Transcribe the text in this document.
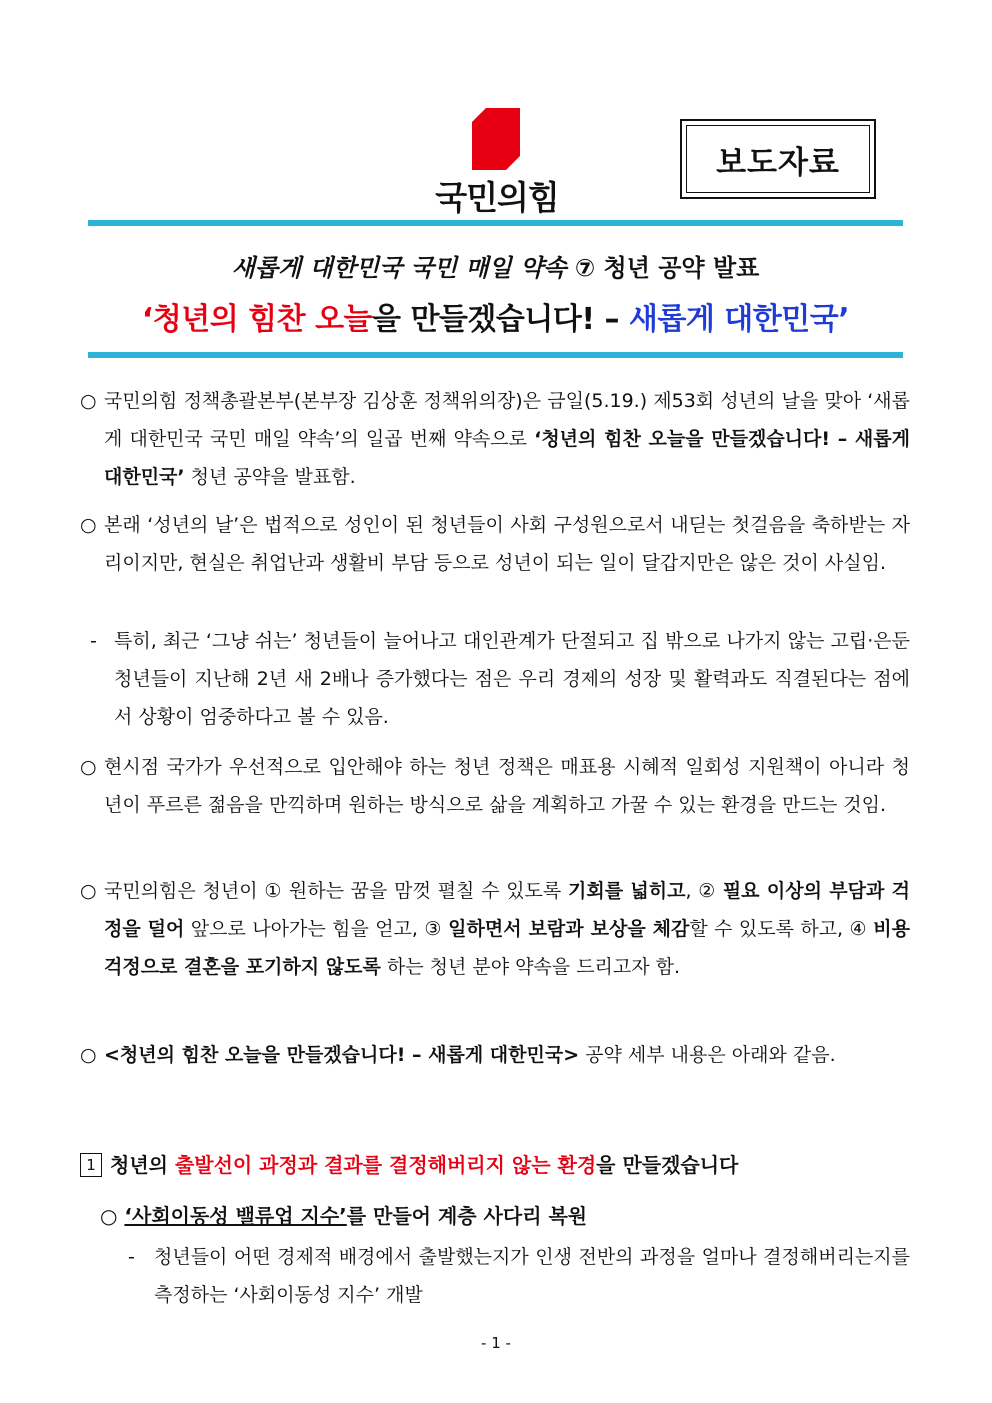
국민의힘
보도자료
새롭게 대한민국 국민 매일 약속 ⑦ 청년 공약 발표
‘청년의 힘찬 오늘을 만들겠습니다! – 새롭게 대한민국’
○ 국민의힘 정책총괄본부(본부장 김상훈 정책위의장)은 금일(5.19.) 제53회 성년의 날을 맞아 ‘새롭게 대한민국 국민 매일 약속’의 일곱 번째 약속으로 ‘청년의 힘찬 오늘을 만들겠습니다! – 새롭게 대한민국’ 청년 공약을 발표함.
○ 본래 ‘성년의 날’은 법적으로 성인이 된 청년들이 사회 구성원으로서 내딛는 첫걸음을 축하받는 자리이지만, 현실은 취업난과 생활비 부담 등으로 성년이 되는 일이 달갑지만은 않은 것이 사실임.
- 특히, 최근 ‘그냥 쉬는’ 청년들이 늘어나고 대인관계가 단절되고 집 밖으로 나가지 않는 고립·은둔 청년들이 지난해 2년 새 2배나 증가했다는 점은 우리 경제의 성장 및 활력과도 직결된다는 점에서 상황이 엄중하다고 볼 수 있음.
○ 현시점 국가가 우선적으로 입안해야 하는 청년 정책은 매표용 시혜적 일회성 지원책이 아니라 청년이 푸르른 젊음을 만끽하며 원하는 방식으로 삶을 계획하고 가꿀 수 있는 환경을 만드는 것임.
○ 국민의힘은 청년이 ① 원하는 꿈을 맘껏 펼칠 수 있도록 기회를 넓히고, ② 필요 이상의 부담과 걱정을 덜어 앞으로 나아가는 힘을 얻고, ③ 일하면서 보람과 보상을 체감할 수 있도록 하고, ④ 비용 걱정으로 결혼을 포기하지 않도록 하는 청년 분야 약속을 드리고자 함.
○ <청년의 힘찬 오늘을 만들겠습니다! – 새롭게 대한민국> 공약 세부 내용은 아래와 같음.
1 청년의 출발선이 과정과 결과를 결정해버리지 않는 환경을 만들겠습니다
○ ‘사회이동성 밸류업 지수’를 만들어 계층 사다리 복원
- 청년들이 어떤 경제적 배경에서 출발했는지가 인생 전반의 과정을 얼마나 결정해버리는지를 측정하는 ‘사회이동성 지수’ 개발
- 1 -
